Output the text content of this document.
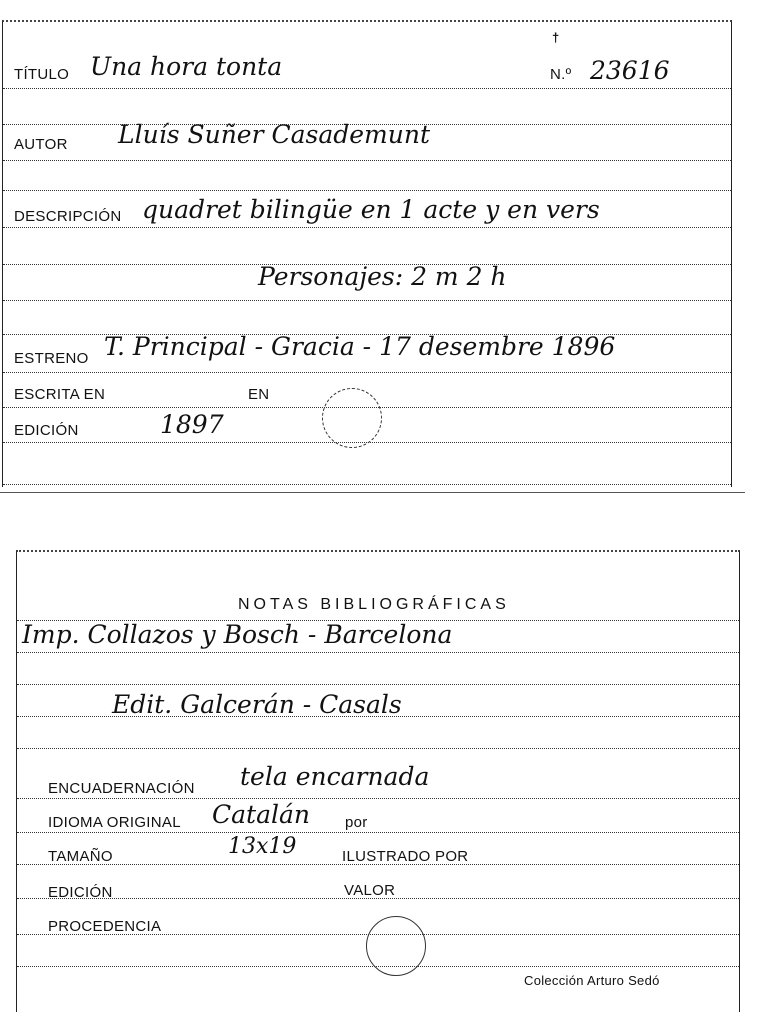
†
TÍTULO Una hora tonta	N.º 23616
AUTOR Lluís Suñer Casademunt
DESCRIPCIÓN quadret bilingüe en 1 acte y en vers
Personajes: 2 m 2 h
ESTRENO T. Principal - Gracia - 17 desembre 1896
ESCRITA EN	EN
EDICIÓN	1897
NOTAS BIBLIOGRÁFICAS
Imp. Collazos y Bosch - Barcelona
Edit. Galcerán - Casals
ENCUADERNACIÓN tela encarnada
IDIOMA ORIGINAL Catalán por
TAMAÑO	13x19	ILUSTRADO POR
EDICIÓN	VALOR
PROCEDENCIA
Colección Arturo Sedó
